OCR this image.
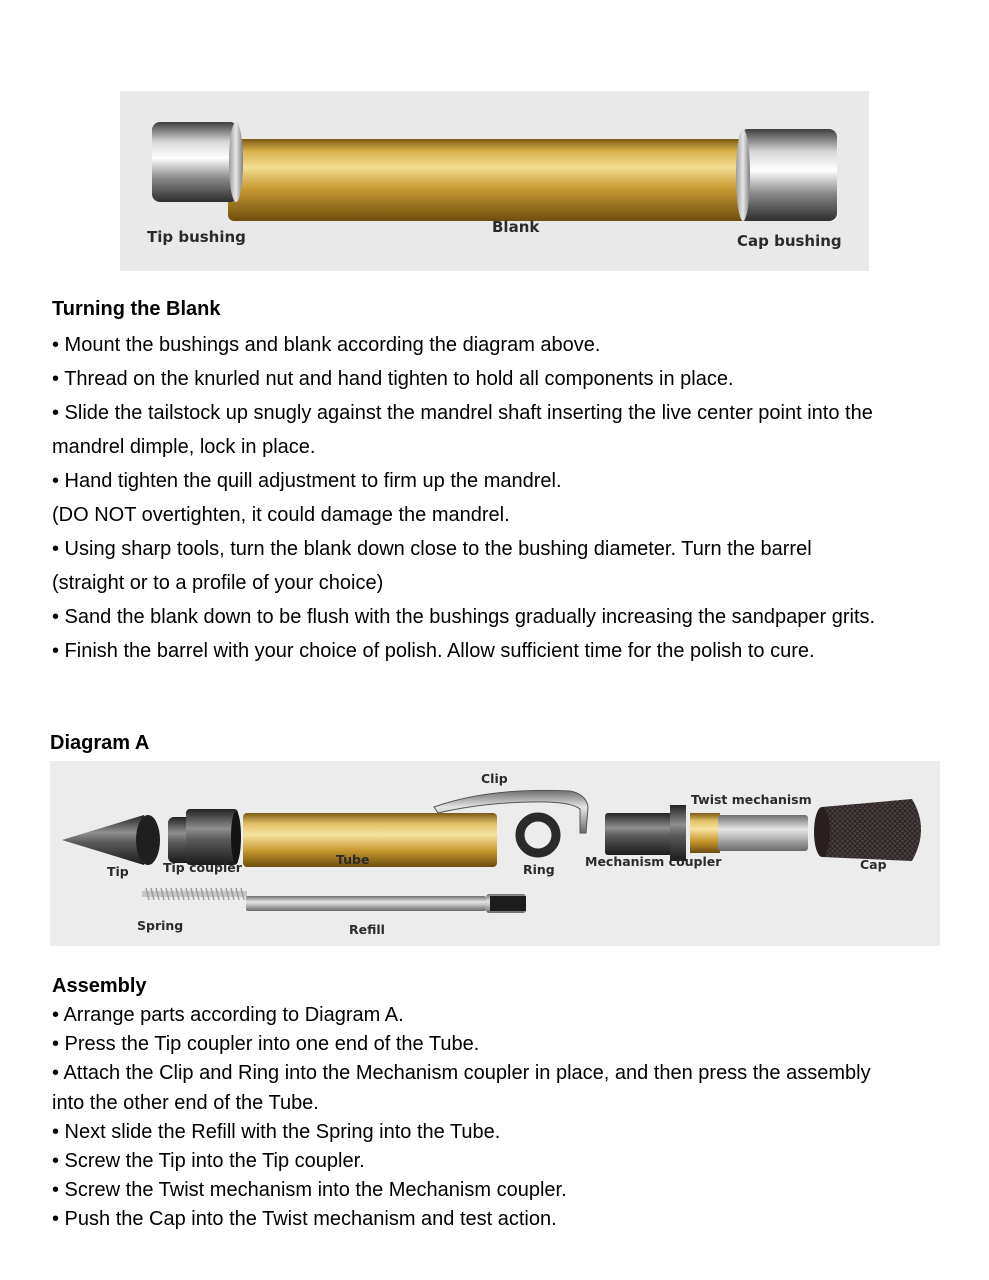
Tip bushing
Blank
Cap bushing
Turning the Blank
• Mount the bushings and blank according the diagram above.
• Thread on the knurled nut and hand tighten to hold all components in place.
• Slide the tailstock up snugly against the mandrel shaft inserting the live center point into the
mandrel dimple, lock in place.
• Hand tighten the quill adjustment to firm up the mandrel.
(DO NOT overtighten, it could damage the mandrel.
• Using sharp tools, turn the blank down close to the bushing diameter. Turn the barrel
(straight or to a profile of your choice)
• Sand the blank down to be flush with the bushings gradually increasing the sandpaper grits.
• Finish the barrel with your choice of polish. Allow sufficient time for the polish to cure.
Diagram A
Clip
Twist mechanism
Tip	Tip coupler
Tube
Ring
Mechanism coupler	Cap
Spring	Refill
Assembly
• Arrange parts according to Diagram A.
• Press the Tip coupler into one end of the Tube.
• Attach the Clip and Ring into the Mechanism coupler in place, and then press the assembly
into the other end of the Tube.
• Next slide the Refill with the Spring into the Tube.
• Screw the Tip into the Tip coupler.
• Screw the Twist mechanism into the Mechanism coupler.
• Push the Cap into the Twist mechanism and test action.
